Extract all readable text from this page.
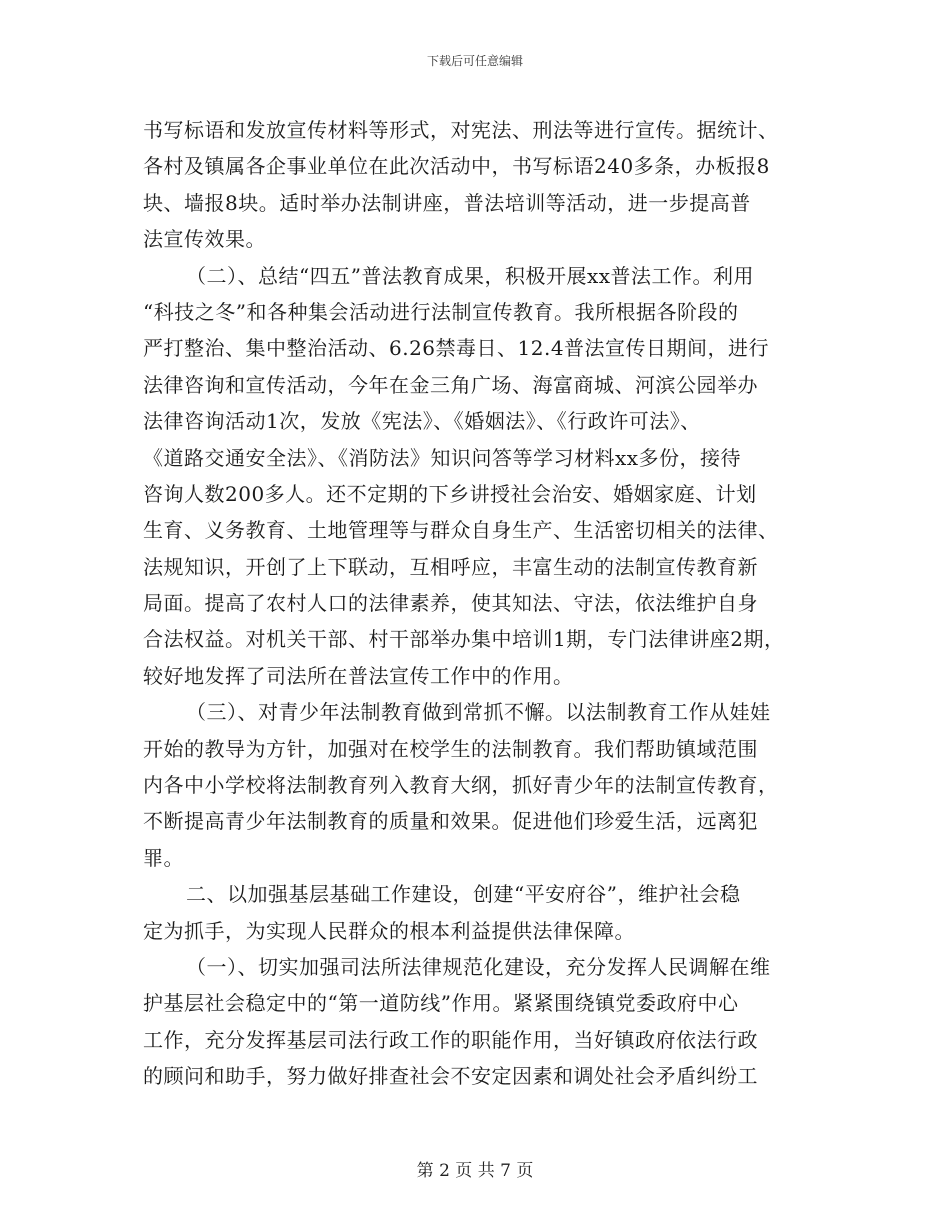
下载后可任意编辑
书写标语和发放宣传材料等形式，对宪法、刑法等进行宣传。据统计、
各村及镇属各企事业单位在此次活动中，书写标语240多条，办板报8
块、墙报8块。适时举办法制讲座，普法培训等活动，进一步提高普
法宣传效果。
（二）、总结“四五”普法教育成果，积极开展xx普法工作。利用
“科技之冬”和各种集会活动进行法制宣传教育。我所根据各阶段的
严打整治、集中整治活动、6.26禁毒日、12.4普法宣传日期间，进行
法律咨询和宣传活动，今年在金三角广场、海富商城、河滨公园举办
法律咨询活动1次，发放《宪法》、《婚姻法》、《行政许可法》、
《道路交通安全法》、《消防法》知识问答等学习材料xx多份，接待
咨询人数200多人。还不定期的下乡讲授社会治安、婚姻家庭、计划
生育、义务教育、土地管理等与群众自身生产、生活密切相关的法律、
法规知识，开创了上下联动，互相呼应，丰富生动的法制宣传教育新
局面。提高了农村人口的法律素养，使其知法、守法，依法维护自身
合法权益。对机关干部、村干部举办集中培训1期，专门法律讲座2期，
较好地发挥了司法所在普法宣传工作中的作用。
（三）、对青少年法制教育做到常抓不懈。以法制教育工作从娃娃
开始的教导为方针，加强对在校学生的法制教育。我们帮助镇域范围
内各中小学校将法制教育列入教育大纲，抓好青少年的法制宣传教育，
不断提高青少年法制教育的质量和效果。促进他们珍爱生活，远离犯
罪。
二、以加强基层基础工作建设，创建“平安府谷”，维护社会稳
定为抓手，为实现人民群众的根本利益提供法律保障。
（一）、切实加强司法所法律规范化建设，充分发挥人民调解在维
护基层社会稳定中的“第一道防线”作用。紧紧围绕镇党委政府中心
工作，充分发挥基层司法行政工作的职能作用，当好镇政府依法行政
的顾问和助手，努力做好排查社会不安定因素和调处社会矛盾纠纷工
第 2 页 共 7 页
